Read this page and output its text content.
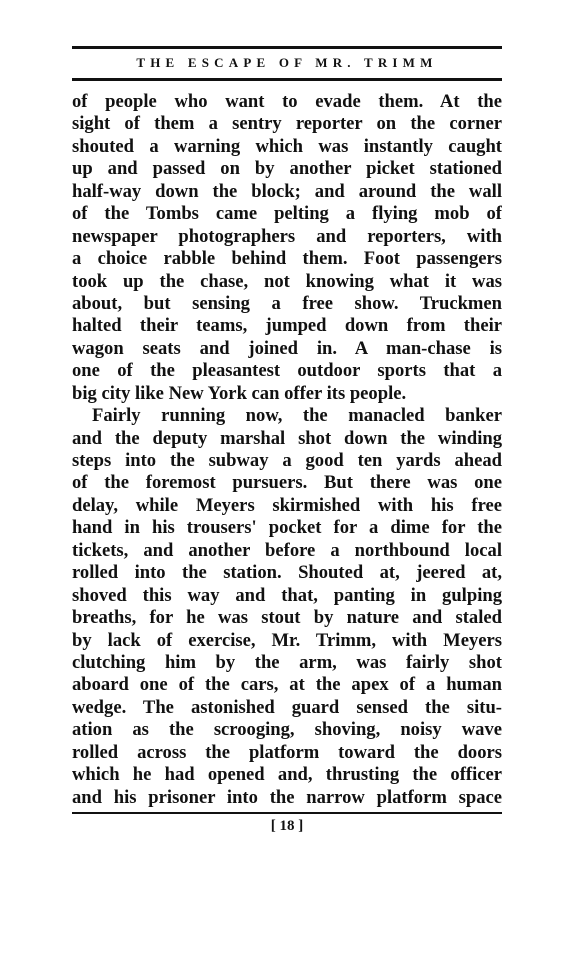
THE ESCAPE OF MR. TRIMM
of people who want to evade them. At the
sight of them a sentry reporter on the corner
shouted a warning which was instantly caught
up and passed on by another picket stationed
half-way down the block; and around the wall
of the Tombs came pelting a flying mob of
newspaper photographers and reporters, with
a choice rabble behind them. Foot passengers
took up the chase, not knowing what it was
about, but sensing a free show. Truckmen
halted their teams, jumped down from their
wagon seats and joined in. A man-chase is
one of the pleasantest outdoor sports that a
big city like New York can offer its people.
Fairly running now, the manacled banker
and the deputy marshal shot down the winding
steps into the subway a good ten yards ahead
of the foremost pursuers. But there was one
delay, while Meyers skirmished with his free
hand in his trousers' pocket for a dime for the
tickets, and another before a northbound local
rolled into the station. Shouted at, jeered at,
shoved this way and that, panting in gulping
breaths, for he was stout by nature and staled
by lack of exercise, Mr. Trimm, with Meyers
clutching him by the arm, was fairly shot
aboard one of the cars, at the apex of a human
wedge. The astonished guard sensed the situ-
ation as the scrooging, shoving, noisy wave
rolled across the platform toward the doors
which he had opened and, thrusting the officer
and his prisoner into the narrow platform space
[ 18 ]
